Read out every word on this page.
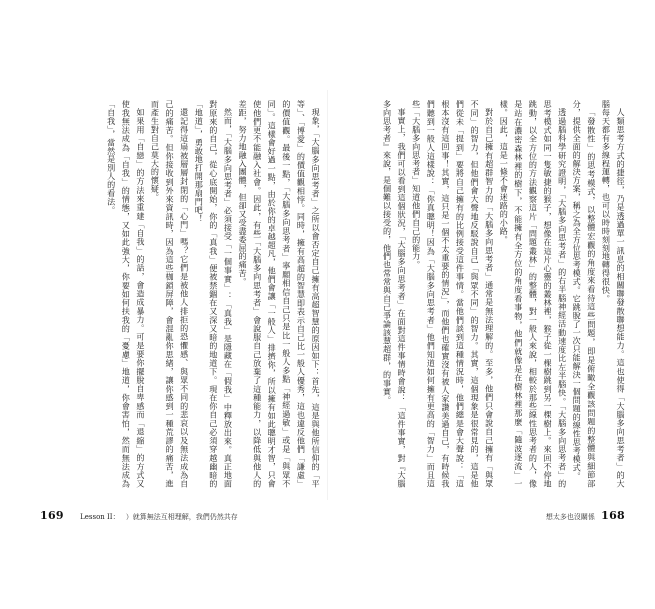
現象，「大腦多向思考者」之所以會否定自己擁有高超智慧的原因如下：首先，這是與他所信仰的「平等」、「博愛」的價值觀相悖。同時，擁有高超的智慧即表示自己比一般人優秀，這也違反他們「謙虛」的價值觀。最後一點，「大腦多向思考者」寧願相信自己只是比一般人多點「神經過敏」或是「與眾不同」。這樣會好過一點，由於你的卓越超凡，他們會讓「一般人」排擠你，所以擁有如此聰明才智，只會使他們更不能融入社會。因此，有些「大腦多向思考者」會說服自己放棄了這種能力，以降低與他人的差距，努力地融入團體，但卻又受盡委屈的痛苦。

然而，「大腦多向思考者」必須接受「一個事實」：「真我」是隱藏在「假我」中釋放出來。真正地面對原來的自己，從心底開始，你的「真我」便被禁錮在又深又暗的地道下。現在你自己必須穿越幽暗的「地道」，勇敢地打開那扇門吧！

還記得這扇被層層封閉的「心門」嗎？它們是被他人排拒的恐懼感、與眾不同的悲哀以及無法成為自己的痛苦。但你接收到外來資訊時，因為這些枷鎖屏障，會混亂你思緒，讓你感到一種荒謬的痛苦，進而產生對自己莫大的懷疑。

如果用「自戀」的方法來重建「自我」的話，會造成暴力。可是要你擺脫自卑感而「退縮」的方式又使我無法成為「自我」的情態，又如此強大，你要如何扶我的「憂慮」地道，你會害怕，然而無法成為「自我」，當然是別人的看法。	人類思考方式的捷徑，乃是透過單一訊息的相關聯發散聯想能力。這也使得「大腦多向思考者」的大腦每天都有多線程運轉，也可以時時刻刻地轉得很快。

「發散性」的思考模式，以整體宏觀的角度來看待這些問題，即是俯瞰全觀該問題的整體與細節部分，提供全面的解決方案，稱之為全方位思考模式。它跳脫了一次只能解決一個問題的線性思考模式。

透過腦科學研究證明，「大腦多向思考者」的右半腦神經活動速度比左半腦快。「大腦多向思考者」的思考模式如同一隻敏捷的猴子，想像在這片心靈的叢林裡，猴子從一棵樹跳到另一棵樹上。來回不停地跳動，以全方位的方法觀察這片「問題叢林」的整體，對一般人來說，相較於那些線性思考者的人，像是站在濃密森林裡的樹下，不能擁有全方位的角度看事物，他們就像是在樹林裡那麼「隨波逐流」一樣。因此，這是一條不會迷路的小路。

對於自己擁有超群智力的「大腦多向思考者」通常是無法理解的。至多，他們只會說自己擁有「與眾不同」的智力，但他們會大聲地反駁說自己「與眾不同」的智力。其實，這個現象是很常見的，這是他們從未「提到」要將自己擁有的比例接受這件事情。當他們談到這種情況時，他們總是會大聲說：「這根本沒有這回事！其實，這只是一個不太重要的情況」，而他們也確實沒有被人家讚美過自己，有時候我們聽到一般人這樣說：「你真聰明！因為「大腦多向思考者」他們知道如何擁有更高的「智力」而且這些「大腦多向思考者」知道他們自己的能力。

事實上，我們可以看到這個狀況，「大腦多向思考者」在面對這件事情時會說：「這件事實，對『大腦多向思考者』來說，是個難以接受的，他們也常常與自己爭論該慧超群，的事實。

169 Lesson II： ）就算無法互相理解，我們仍然共存	想太多也沒關係 168
